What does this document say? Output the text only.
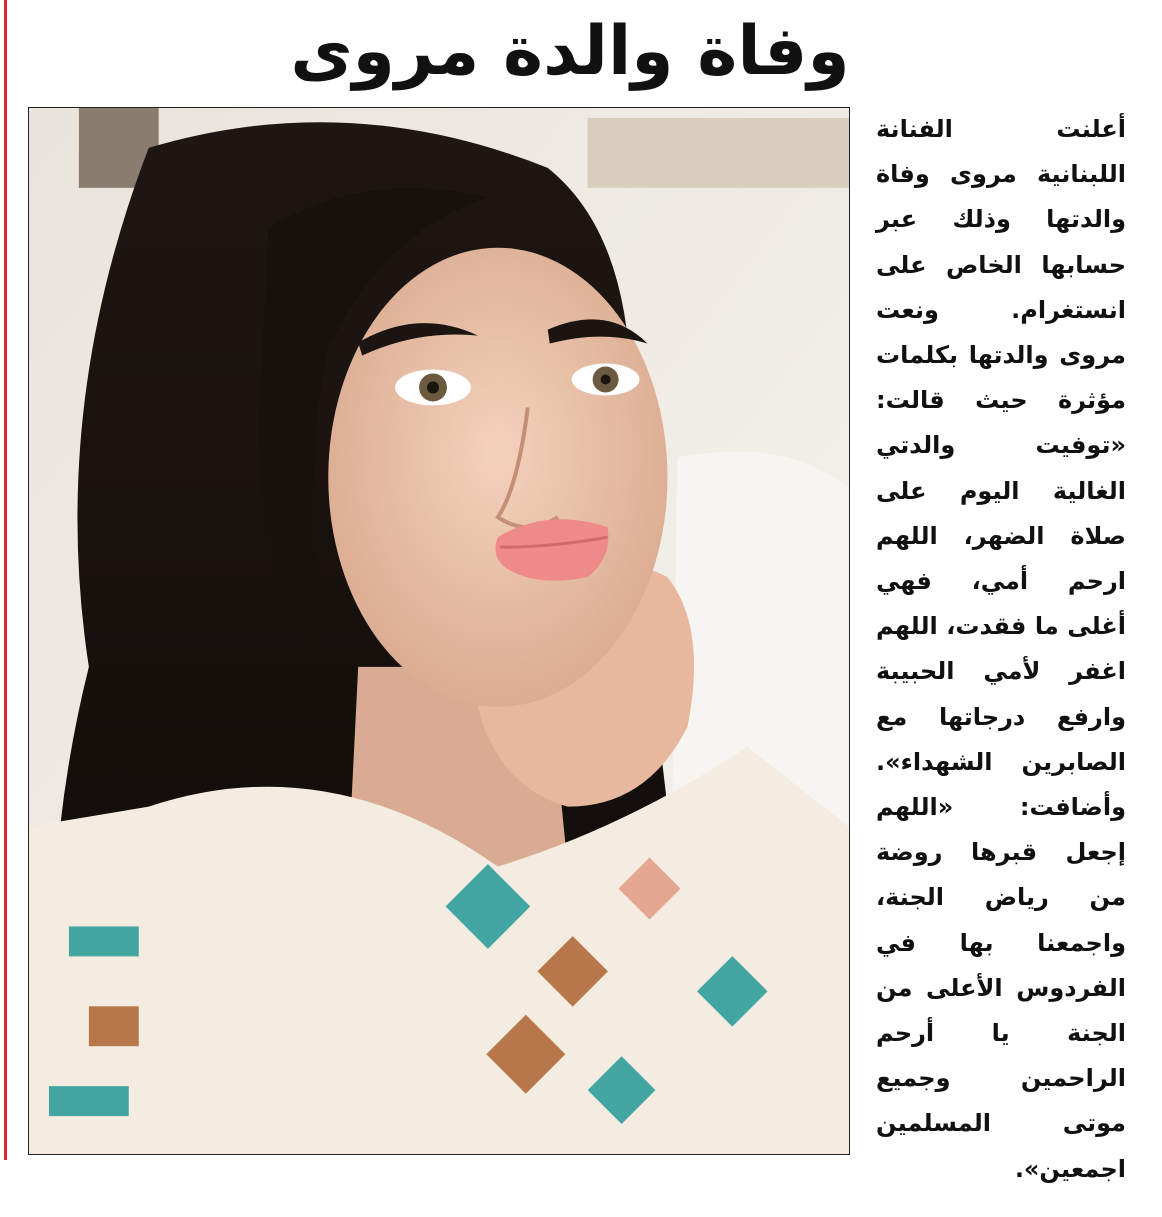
وفاة والدة مروى

أعلنت الفنانة اللبنانية مروى وفاة والدتها وذلك عبر حسابها الخاص على انستغرام. ونعت مروى والدتها بكلمات مؤثرة حيث قالت: «توفيت والدتي الغالية اليوم على صلاة الضهر، اللهم ارحم أمي، فهي أغلى ما فقدت، اللهم اغفر لأمي الحبيبة وارفع درجاتها مع الصابرين الشهداء». وأضافت: «اللهم إجعل قبرها روضة من رياض الجنة، واجمعنا بها في الفردوس الأعلى من الجنة يا أرحم الراحمين وجميع موتى المسلمين اجمعين».
